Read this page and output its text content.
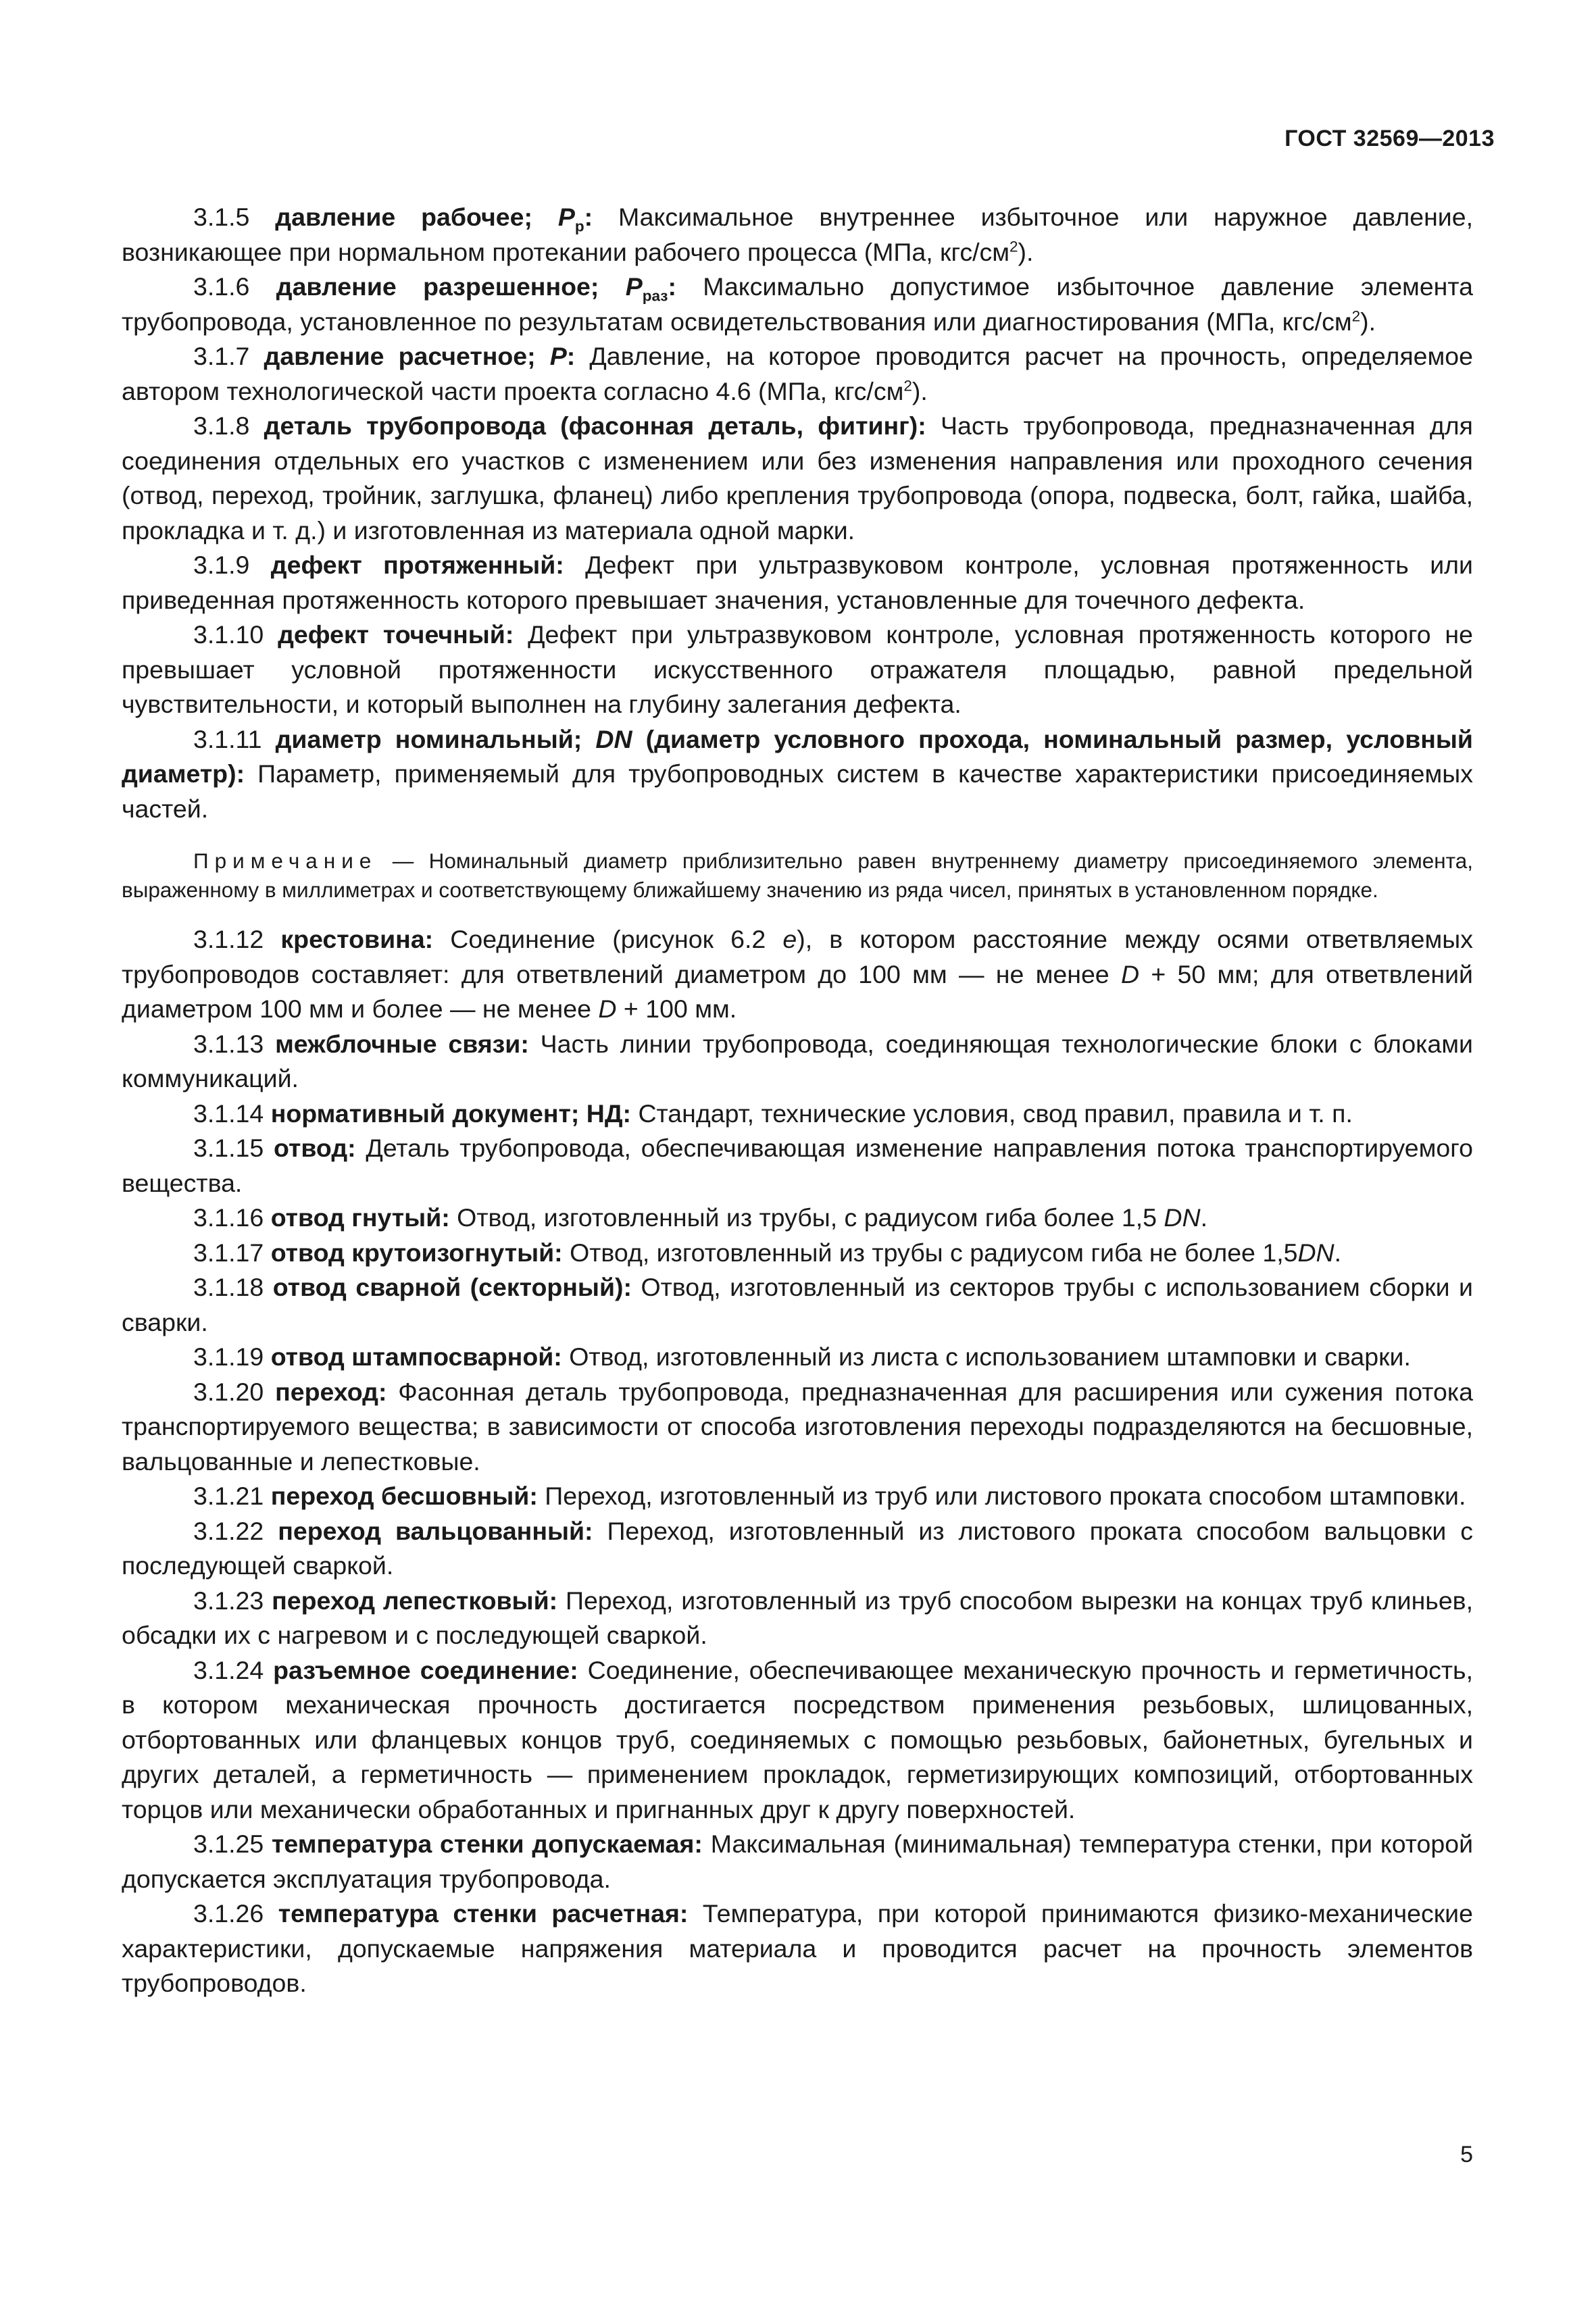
ГОСТ 32569—2013

3.1.5 давление рабочее; $P_р$: Максимальное внутреннее избыточное или наружное давление, возникающее при нормальном протекании рабочего процесса (МПа, кгс/$см^2$).

3.1.6 давление разрешенное; $P_{раз}$: Максимально допустимое избыточное давление элемента трубопровода, установленное по результатам освидетельствования или диагностирования (МПа, кгс/$см^2$).

3.1.7 давление расчетное; P: Давление, на которое проводится расчет на прочность, определяемое автором технологической части проекта согласно 4.6 (МПа, кгс/$см^2$).

3.1.8 деталь трубопровода (фасонная деталь, фитинг): Часть трубопровода, предназначенная для соединения отдельных его участков с изменением или без изменения направления или проходного сечения (отвод, переход, тройник, заглушка, фланец) либо крепления трубопровода (опора, подвеска, болт, гайка, шайба, прокладка и т. д.) и изготовленная из материала одной марки.

3.1.9 дефект протяженный: Дефект при ультразвуковом контроле, условная протяженность или приведенная протяженность которого превышает значения, установленные для точечного дефекта.

3.1.10 дефект точечный: Дефект при ультразвуковом контроле, условная протяженность которого не превышает условной протяженности искусственного отражателя площадью, равной предельной чувствительности, и который выполнен на глубину залегания дефекта.

3.1.11 диаметр номинальный; DN (диаметр условного прохода, номинальный размер, условный диаметр): Параметр, применяемый для трубопроводных систем в качестве характеристики присоединяемых частей.

Примечание — Номинальный диаметр приблизительно равен внутреннему диаметру присоединяемого элемента, выраженному в миллиметрах и соответствующему ближайшему значению из ряда чисел, принятых в установленном порядке.

3.1.12 крестовина: Соединение (рисунок 6.2 е), в котором расстояние между осями ответвляемых трубопроводов составляет: для ответвлений диаметром до 100 мм — не менее D + 50 мм; для ответвлений диаметром 100 мм и более — не менее D + 100 мм.

3.1.13 межблочные связи: Часть линии трубопровода, соединяющая технологические блоки с блоками коммуникаций.

3.1.14 нормативный документ; НД: Стандарт, технические условия, свод правил, правила и т. п.

3.1.15 отвод: Деталь трубопровода, обеспечивающая изменение направления потока транспортируемого вещества.

3.1.16 отвод гнутый: Отвод, изготовленный из трубы, с радиусом гиба более 1,5 DN.

3.1.17 отвод крутоизогнутый: Отвод, изготовленный из трубы с радиусом гиба не более 1,5DN.

3.1.18 отвод сварной (секторный): Отвод, изготовленный из секторов трубы с использованием сборки и сварки.

3.1.19 отвод штампосварной: Отвод, изготовленный из листа с использованием штамповки и сварки.

3.1.20 переход: Фасонная деталь трубопровода, предназначенная для расширения или сужения потока транспортируемого вещества; в зависимости от способа изготовления переходы подразделяются на бесшовные, вальцованные и лепестковые.

3.1.21 переход бесшовный: Переход, изготовленный из труб или листового проката способом штамповки.

3.1.22 переход вальцованный: Переход, изготовленный из листового проката способом вальцовки с последующей сваркой.

3.1.23 переход лепестковый: Переход, изготовленный из труб способом вырезки на концах труб клиньев, обсадки их с нагревом и с последующей сваркой.

3.1.24 разъемное соединение: Соединение, обеспечивающее механическую прочность и герметичность, в котором механическая прочность достигается посредством применения резьбовых, шлицованных, отбортованных или фланцевых концов труб, соединяемых с помощью резьбовых, байонетных, бугельных и других деталей, а герметичность — применением прокладок, герметизирующих композиций, отбортованных торцов или механически обработанных и пригнанных друг к другу поверхностей.

3.1.25 температура стенки допускаемая: Максимальная (минимальная) температура стенки, при которой допускается эксплуатация трубопровода.

3.1.26 температура стенки расчетная: Температура, при которой принимаются физико-механические характеристики, допускаемые напряжения материала и проводится расчет на прочность элементов трубопроводов.

5
